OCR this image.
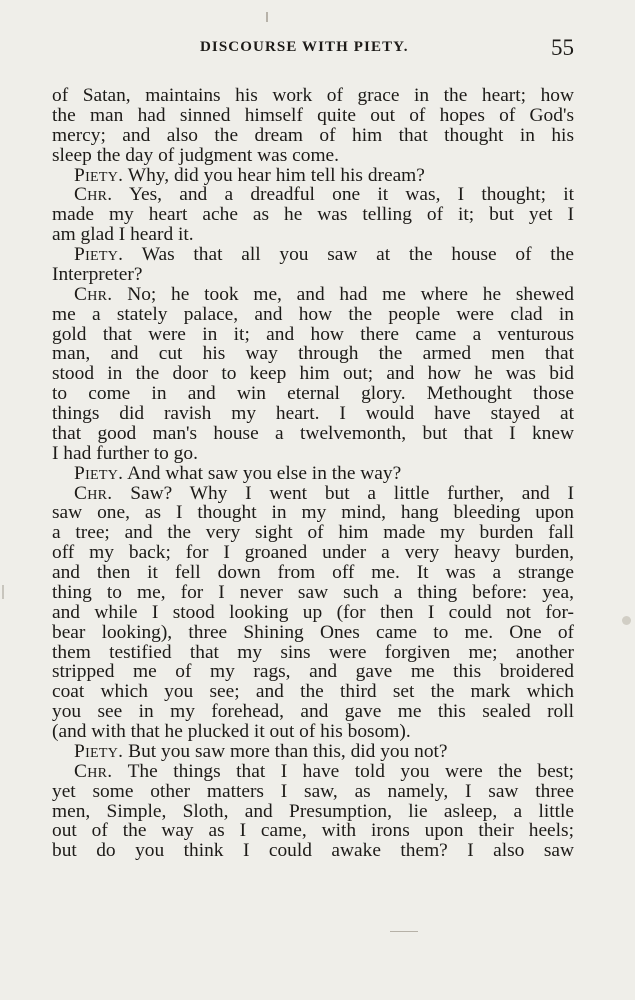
DISCOURSE WITH PIETY.	55
of Satan, maintains his work of grace in the heart; how
the man had sinned himself quite out of hopes of God's
mercy; and also the dream of him that thought in his
sleep the day of judgment was come.
Piety. Why, did you hear him tell his dream?
Chr. Yes, and a dreadful one it was, I thought; it
made my heart ache as he was telling of it; but yet I
am glad I heard it.
Piety. Was that all you saw at the house of the
Interpreter?
Chr. No; he took me, and had me where he shewed
me a stately palace, and how the people were clad in
gold that were in it; and how there came a venturous
man, and cut his way through the armed men that
stood in the door to keep him out; and how he was bid
to come in and win eternal glory. Methought those
things did ravish my heart. I would have stayed at
that good man's house a twelvemonth, but that I knew
I had further to go.
Piety. And what saw you else in the way?
Chr. Saw? Why I went but a little further, and I
saw one, as I thought in my mind, hang bleeding upon
a tree; and the very sight of him made my burden fall
off my back; for I groaned under a very heavy burden,
and then it fell down from off me. It was a strange
thing to me, for I never saw such a thing before: yea,
and while I stood looking up (for then I could not for-
bear looking), three Shining Ones came to me. One of
them testified that my sins were forgiven me; another
stripped me of my rags, and gave me this broidered
coat which you see; and the third set the mark which
you see in my forehead, and gave me this sealed roll
(and with that he plucked it out of his bosom).
Piety. But you saw more than this, did you not?
Chr. The things that I have told you were the best;
yet some other matters I saw, as namely, I saw three
men, Simple, Sloth, and Presumption, lie asleep, a little
out of the way as I came, with irons upon their heels;
but do you think I could awake them? I also saw
